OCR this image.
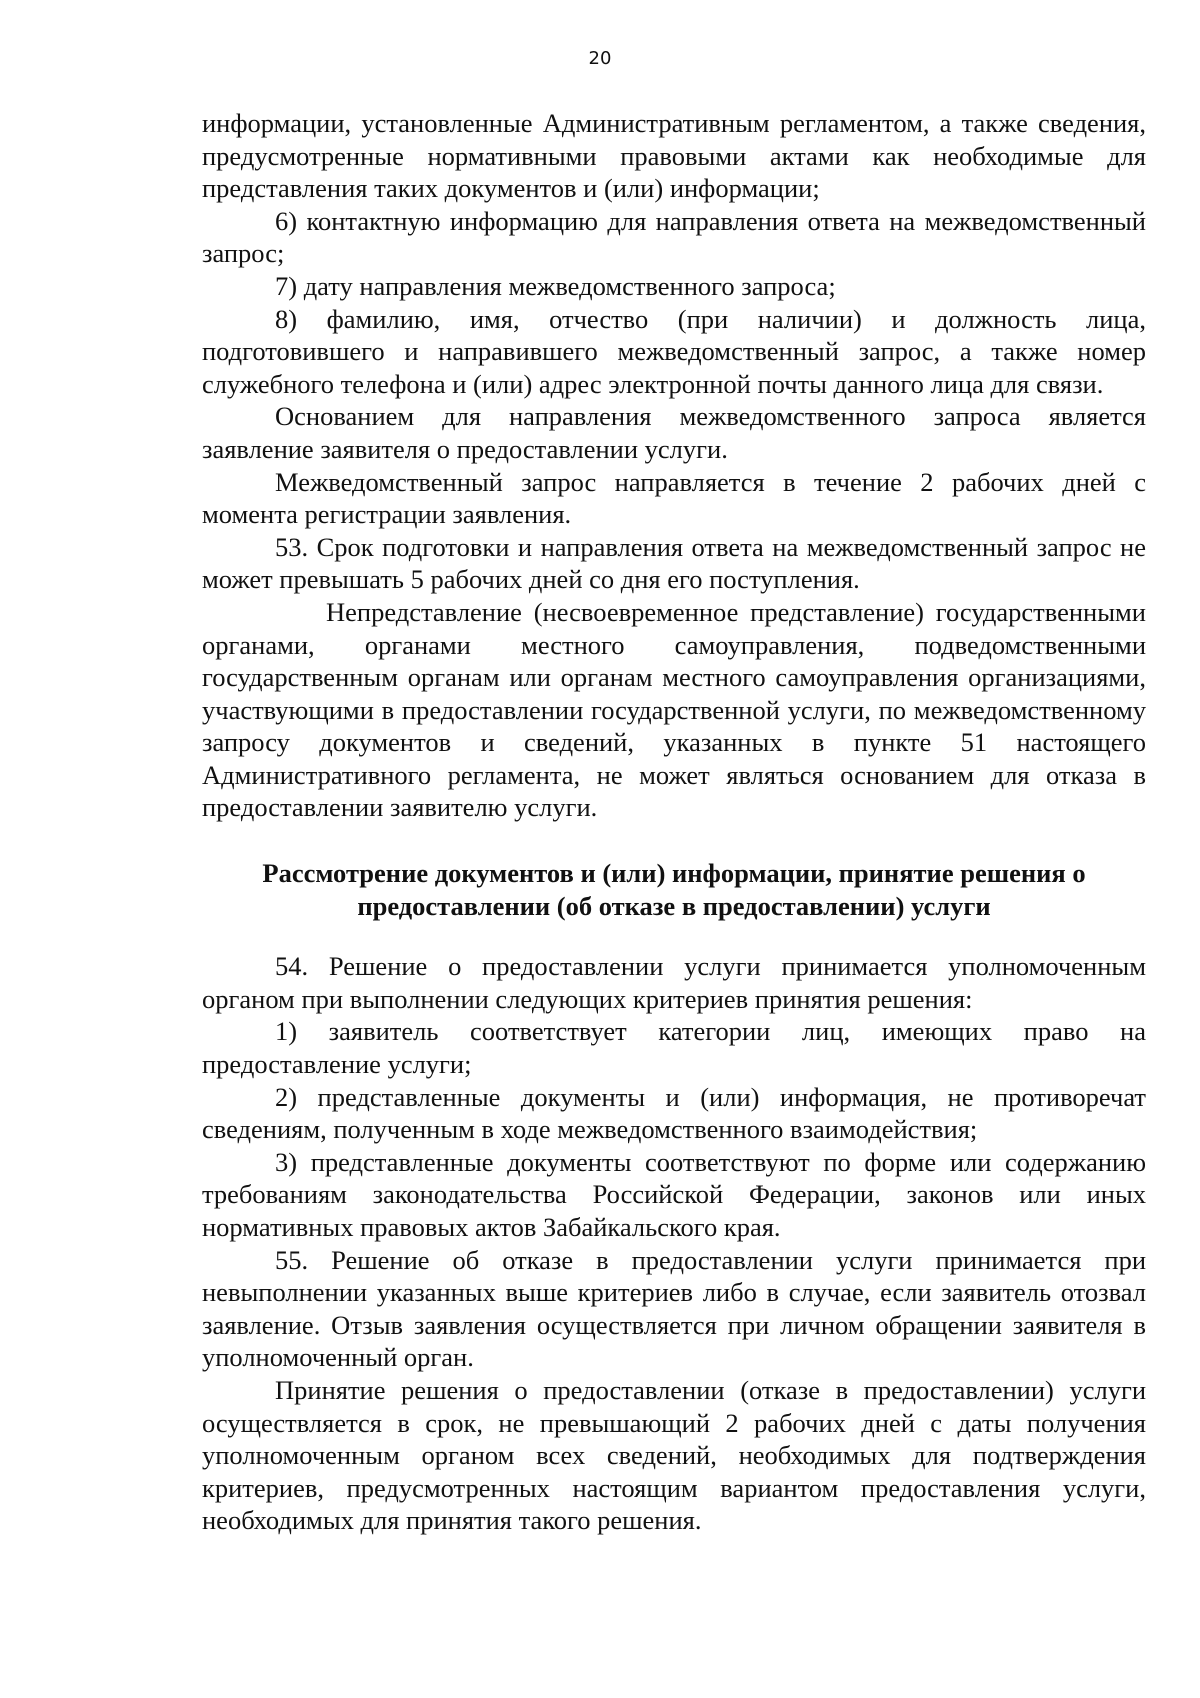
20

информации, установленные Административным регламентом, а также сведения, предусмотренные нормативными правовыми актами как необходимые для представления таких документов и (или) информации;

6) контактную информацию для направления ответа на межведомственный запрос;

7) дату направления межведомственного запроса;

8) фамилию, имя, отчество (при наличии) и должность лица, подготовившего и направившего межведомственный запрос, а также номер служебного телефона и (или) адрес электронной почты данного лица для связи.

Основанием для направления межведомственного запроса является заявление заявителя о предоставлении услуги.

Межведомственный запрос направляется в течение 2 рабочих дней с момента регистрации заявления.

53. Срок подготовки и направления ответа на межведомственный запрос не может превышать 5 рабочих дней со дня его поступления.

Непредставление (несвоевременное представление) государственными органами, органами местного самоуправления, подведомственными государственным органам или органам местного самоуправления организациями, участвующими в предоставлении государственной услуги, по межведомственному запросу документов и сведений, указанных в пункте 51 настоящего Административного регламента, не может являться основанием для отказа в предоставлении заявителю услуги.

Рассмотрение документов и (или) информации, принятие решения о предоставлении (об отказе в предоставлении) услуги

54. Решение о предоставлении услуги принимается уполномоченным органом при выполнении следующих критериев принятия решения:

1) заявитель соответствует категории лиц, имеющих право на предоставление услуги;

2) представленные документы и (или) информация, не противоречат сведениям, полученным в ходе межведомственного взаимодействия;

3) представленные документы соответствуют по форме или содержанию требованиям законодательства Российской Федерации, законов или иных нормативных правовых актов Забайкальского края.

55. Решение об отказе в предоставлении услуги принимается при невыполнении указанных выше критериев либо в случае, если заявитель отозвал заявление. Отзыв заявления осуществляется при личном обращении заявителя в уполномоченный орган.

Принятие решения о предоставлении (отказе в предоставлении) услуги осуществляется в срок, не превышающий 2 рабочих дней с даты получения уполномоченным органом всех сведений, необходимых для подтверждения критериев, предусмотренных настоящим вариантом предоставления услуги, необходимых для принятия такого решения.
